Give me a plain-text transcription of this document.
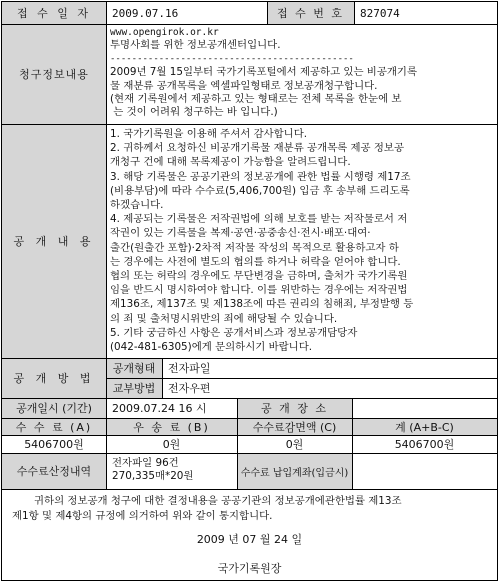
접 수 일 자	2009.07.16	접 수 번 호	827074
청구정보내용
www.opengirok.or.kr
투명사회를 위한 정보공개센터입니다.
---------------------------------------------
2009년 7월 15일부터 국가기록포털에서 제공하고 있는 비공개기록
물 재분류 공개목록을 엑셀파일형태로 정보공개청구합니다.
(현재 기록원에서 제공하고 있는 형태로는 전체 목록을 한눈에 보
는 것이 어려워 청구하는 바 입니다.)
공 개 내 용
1. 국가기록원을 이용해 주셔서 감사합니다.
2. 귀하께서 요청하신 비공개기록물 재분류 공개목록 제공 정보공
개청구 건에 대해 목록제공이 가능함을 알려드립니다.
3. 해당 기록물은 공공기관의 정보공개에 관한 법률 시행령 제17조
(비용부담)에 따라 수수료(5,406,700원) 입금 후 송부해 드리도록
하겠습니다.
4. 제공되는 기록물은 저작권법에 의해 보호를 받는 저작물로서 저
작권이 있는 기록물을 복제·공연·공중송신·전시·배포·대여·
출간(원출간 포함)·2차적 저작물 작성의 목적으로 활용하고자 하
는 경우에는 사전에 별도의 협의를 하거나 허락을 얻어야 합니다.
협의 또는 허락의 경우에도 무단변경을 금하며, 출처가 국가기록원
임을 반드시 명시하여야 합니다. 이를 위반하는 경우에는 저작권법
제136조, 제137조 및 제138조에 따른 권리의 침해죄, 부정발행 등
의 죄 및 출처명시위반의 죄에 해당될 수 있습니다.
5. 기타 궁금하신 사항은 공개서비스과 정보공개담당자
(042-481-6305)에게 문의하시기 바랍니다.
공 개 방 법
공개형태	전자파일
교부방법	전자우편
공개일시 (기간)	2009.07.24 16 시	공 개 장 소
수 수 료 (A)	우 송 료 (B)	수수료감면액 (C)	계 (A+B-C)
5406700원	0원	0원	5406700원
수수료산정내역
전자파일 96건
270,335매*20원	수수료 납입계좌(입금시)
귀하의 정보공개 청구에 대한 결정내용을 공공기관의 정보공개에관한법률 제13조
제1항 및 제4항의 규정에 의거하여 위와 같이 통지합니다.
2009 년 07 월 24 일
국가기록원장
